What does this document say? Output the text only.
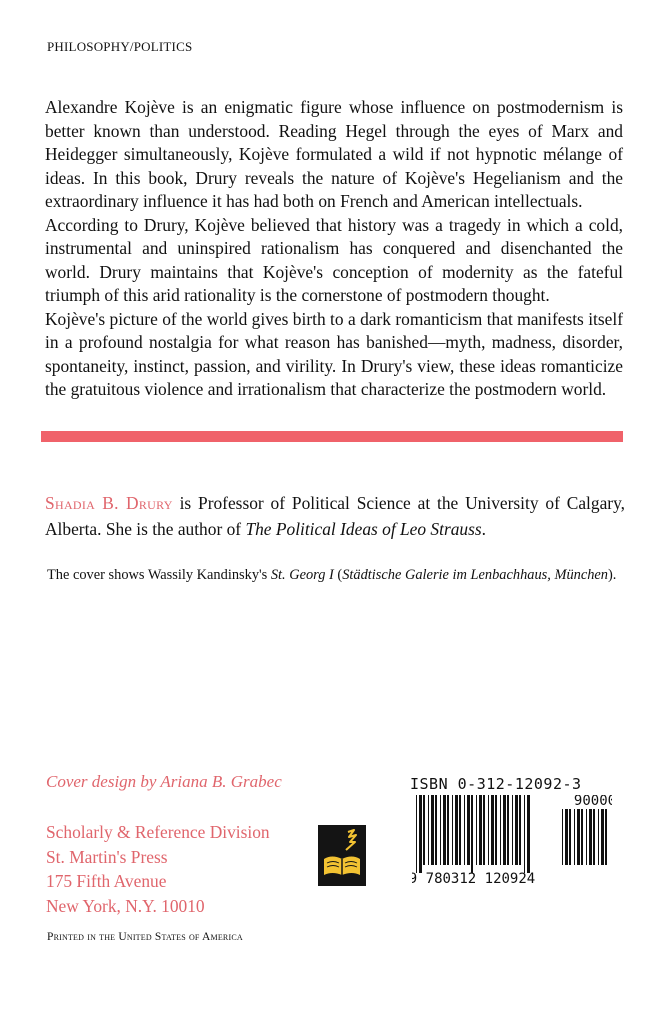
PHILOSOPHY/POLITICS

Alexandre Kojève is an enigmatic figure whose influence on postmodernism is better known than understood. Reading Hegel through the eyes of Marx and Heidegger simultaneously, Kojève formulated a wild if not hypnotic mélange of ideas. In this book, Drury reveals the nature of Kojève's Hegelianism and the extraordinary influence it has had both on French and American intellectuals.

According to Drury, Kojève believed that history was a tragedy in which a cold, instrumental and uninspired rationalism has conquered and disenchanted the world. Drury maintains that Kojève's conception of modernity as the fateful triumph of this arid rationality is the cornerstone of postmodern thought.

Kojève's picture of the world gives birth to a dark romanticism that manifests itself in a profound nostalgia for what reason has banished—myth, madness, disorder, spontaneity, instinct, passion, and virility. In Drury's view, these ideas romanticize the gratuitous violence and irrationalism that characterize the postmodern world.

Shadia B. Drury is Professor of Political Science at the University of Calgary, Alberta. She is the author of The Political Ideas of Leo Strauss.
The cover shows Wassily Kandinsky's St. Georg I (Städtische Galerie im Lenbachhaus, München).
Cover design by Ariana B. Grabec
Scholarly & Reference Division
St. Martin's Press
175 Fifth Avenue
New York, N.Y. 10010
ISBN 0-312-12092-3
90000
9 780312 120924
Printed in the United States of America
